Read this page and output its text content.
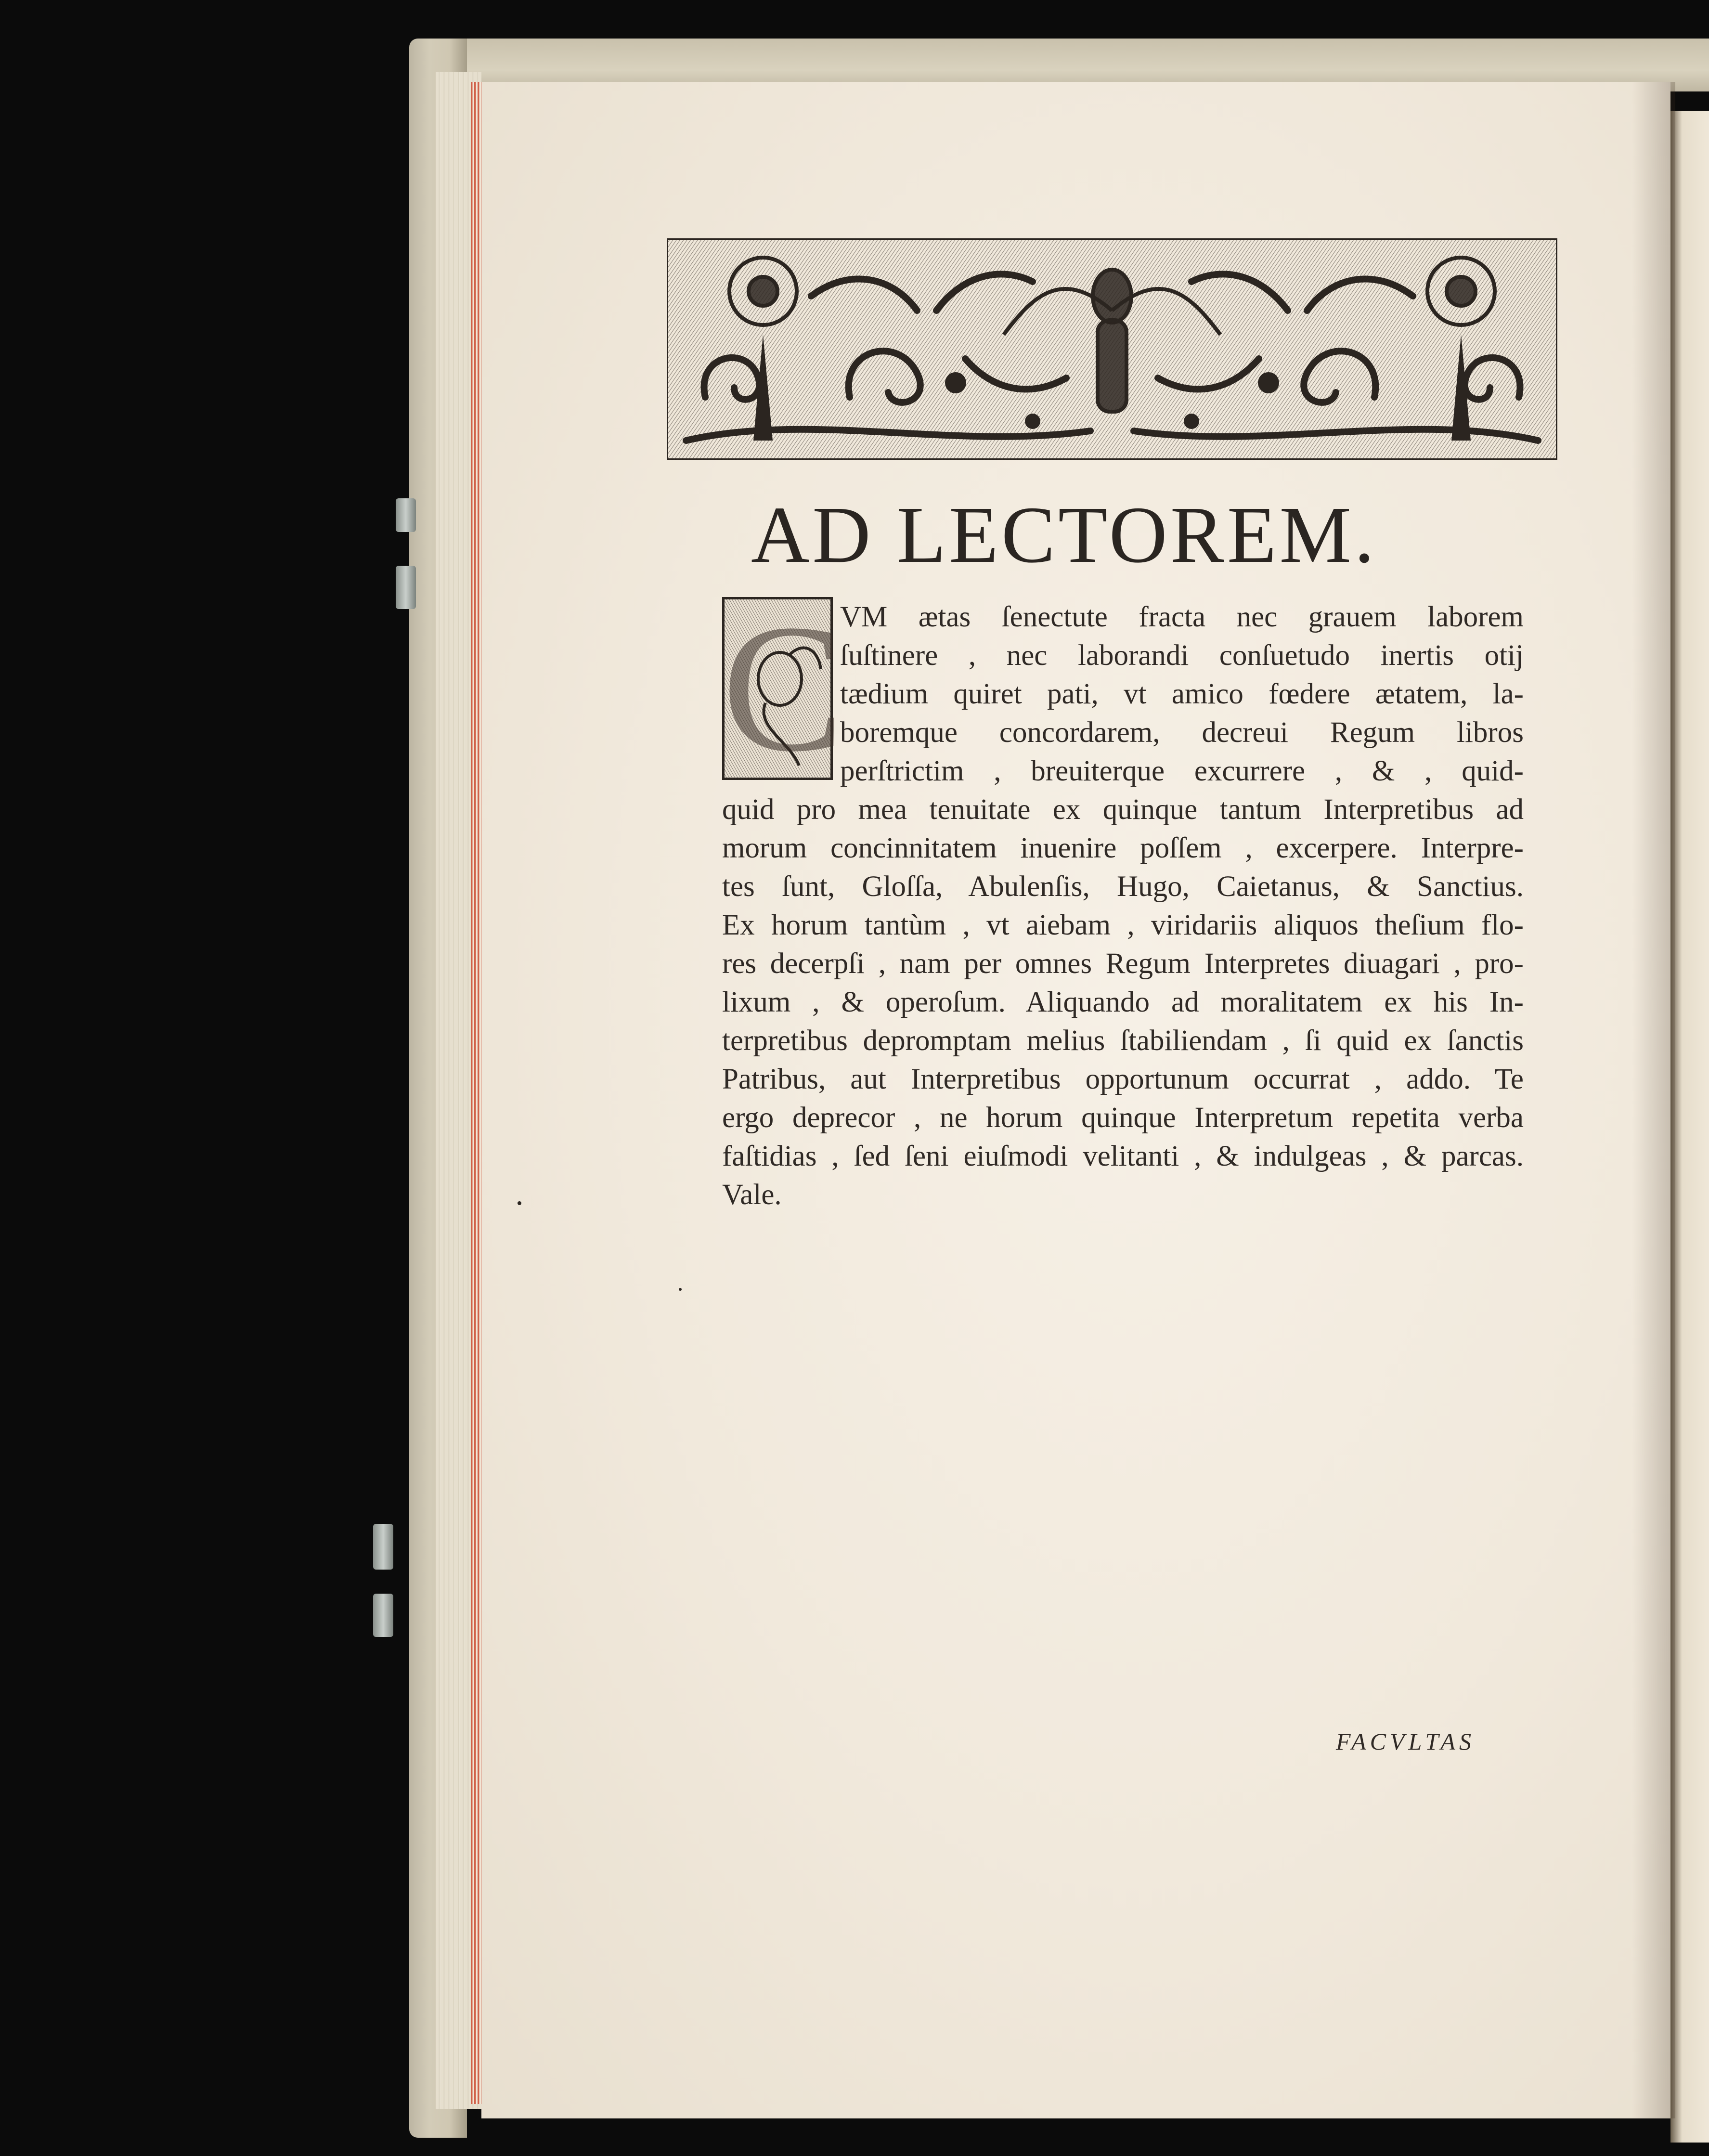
AD LECTOREM.
C
VM ætas ſenectute fracta nec grauem laborem
ſuſtinere , nec laborandi conſuetudo inertis otij
tædium quiret pati, vt amico fœdere ætatem, la-
boremque concordarem, decreui Regum libros
perſtrictim , breuiterque excurrere , & , quid-
quid pro mea tenuitate ex quinque tantum Interpretibus ad
morum concinnitatem inuenire poſſem , excerpere. Interpre-
tes ſunt, Gloſſa, Abulenſis, Hugo, Caietanus, & Sanctius.
Ex horum tantùm , vt aiebam , viridariis aliquos theſium flo-
res decerpſi , nam per omnes Regum Interpretes diuagari , pro-
lixum , & operoſum. Aliquando ad moralitatem ex his In-
terpretibus depromptam melius ſtabiliendam , ſi quid ex ſanctis
Patribus, aut Interpretibus opportunum occurrat , addo. Te
ergo deprecor , ne horum quinque Interpretum repetita verba
faſtidias , ſed ſeni eiuſmodi velitanti , & indulgeas , & parcas.
Vale.
FACVLTAS
